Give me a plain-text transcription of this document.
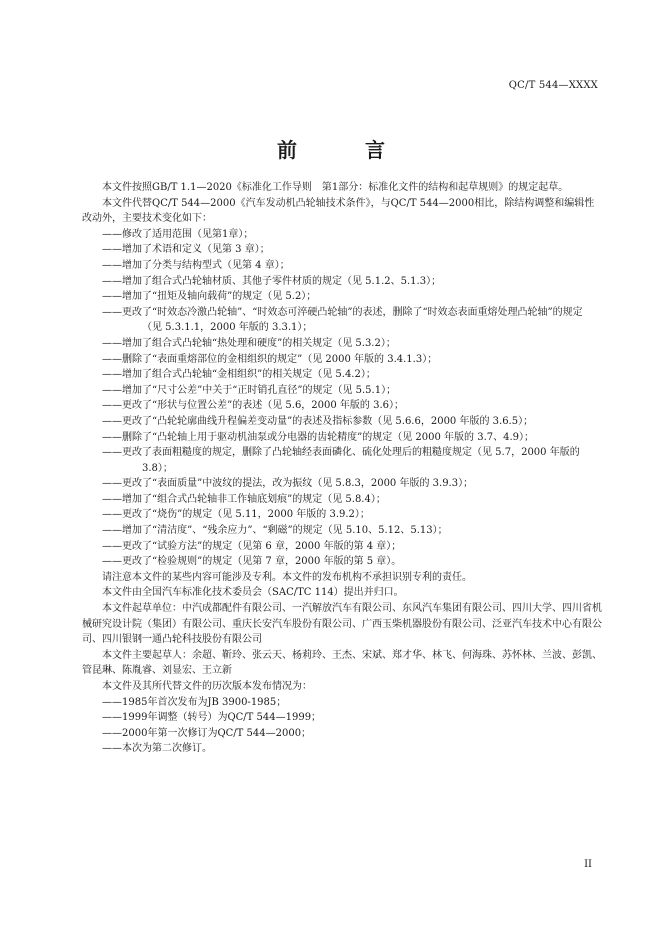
QC/T 544—XXXX
前　言

本文件按照GB/T 1.1—2020《标准化工作导则　第1部分：标准化文件的结构和起草规则》的规定起草。

本文件代替QC/T 544—2000《汽车发动机凸轮轴技术条件》，与QC/T 544—2000相比，除结构调整和编辑性改动外，主要技术变化如下：

——修改了适用范围（见第1章）；

——增加了术语和定义（见第 3 章）；

——增加了分类与结构型式（见第 4 章）；

——增加了组合式凸轮轴材质、其他子零件材质的规定（见 5.1.2、5.1.3）；

——增加了“扭矩及轴向载荷”的规定（见 5.2）；

——更改了“时效态冷激凸轮轴”、“时效态可淬硬凸轮轴”的表述，删除了“时效态表面重熔处理凸轮轴”的规定（见 5.3.1.1，2000 年版的 3.3.1）；

——增加了组合式凸轮轴“热处理和硬度”的相关规定（见 5.3.2）；

——删除了“表面重熔部位的金相组织的规定”（见 2000 年版的 3.4.1.3）；

——增加了组合式凸轮轴“金相组织”的相关规定（见 5.4.2）；

——增加了“尺寸公差”中关于“正时销孔直径”的规定（见 5.5.1）；

——更改了“形状与位置公差”的表述（见 5.6，2000 年版的 3.6）；

——更改了“凸轮轮廓曲线升程偏差变动量”的表述及指标参数（见 5.6.6，2000 年版的 3.6.5）；

——删除了“凸轮轴上用于驱动机油泵或分电器的齿轮精度”的规定（见 2000 年版的 3.7、4.9）；

——更改了表面粗糙度的规定，删除了凸轮轴经表面磷化、硫化处理后的粗糙度规定（见 5.7，2000 年版的 3.8）；

——更改了“表面质量”中波纹的提法，改为振纹（见 5.8.3，2000 年版的 3.9.3）；

——增加了“组合式凸轮轴非工作轴底划痕”的规定（见 5.8.4）；

——更改了“烧伤”的规定（见 5.11，2000 年版的 3.9.2）；

——增加了“清洁度”、“残余应力”、“剩磁”的规定（见 5.10、5.12、5.13）；

——更改了“试验方法”的规定（见第 6 章，2000 年版的第 4 章）；

——更改了“检验规则”的规定（见第 7 章，2000 年版的第 5 章）。

请注意本文件的某些内容可能涉及专利。本文件的发布机构不承担识别专利的责任。

本文件由全国汽车标准化技术委员会（SAC/TC 114）提出并归口。

本文件起草单位：中汽成都配件有限公司、一汽解放汽车有限公司、东风汽车集团有限公司、四川大学、四川省机械研究设计院（集团）有限公司、重庆长安汽车股份有限公司、广西玉柴机器股份有限公司、泛亚汽车技术中心有限公司、四川银钢一通凸轮科技股份有限公司

本文件主要起草人：余超、靳玲、张云天、杨莉玲、王杰、宋斌、郑才华、林飞、何海珠、苏怀林、兰波、彭凯、管昆琳、陈胤睿、刘显宏、王立新

本文件及其所代替文件的历次版本发布情况为：

——1985年首次发布为JB 3900-1985；

——1999年调整（转号）为QC/T 544—1999；

——2000年第一次修订为QC/T 544—2000；

——本次为第二次修订。

II
